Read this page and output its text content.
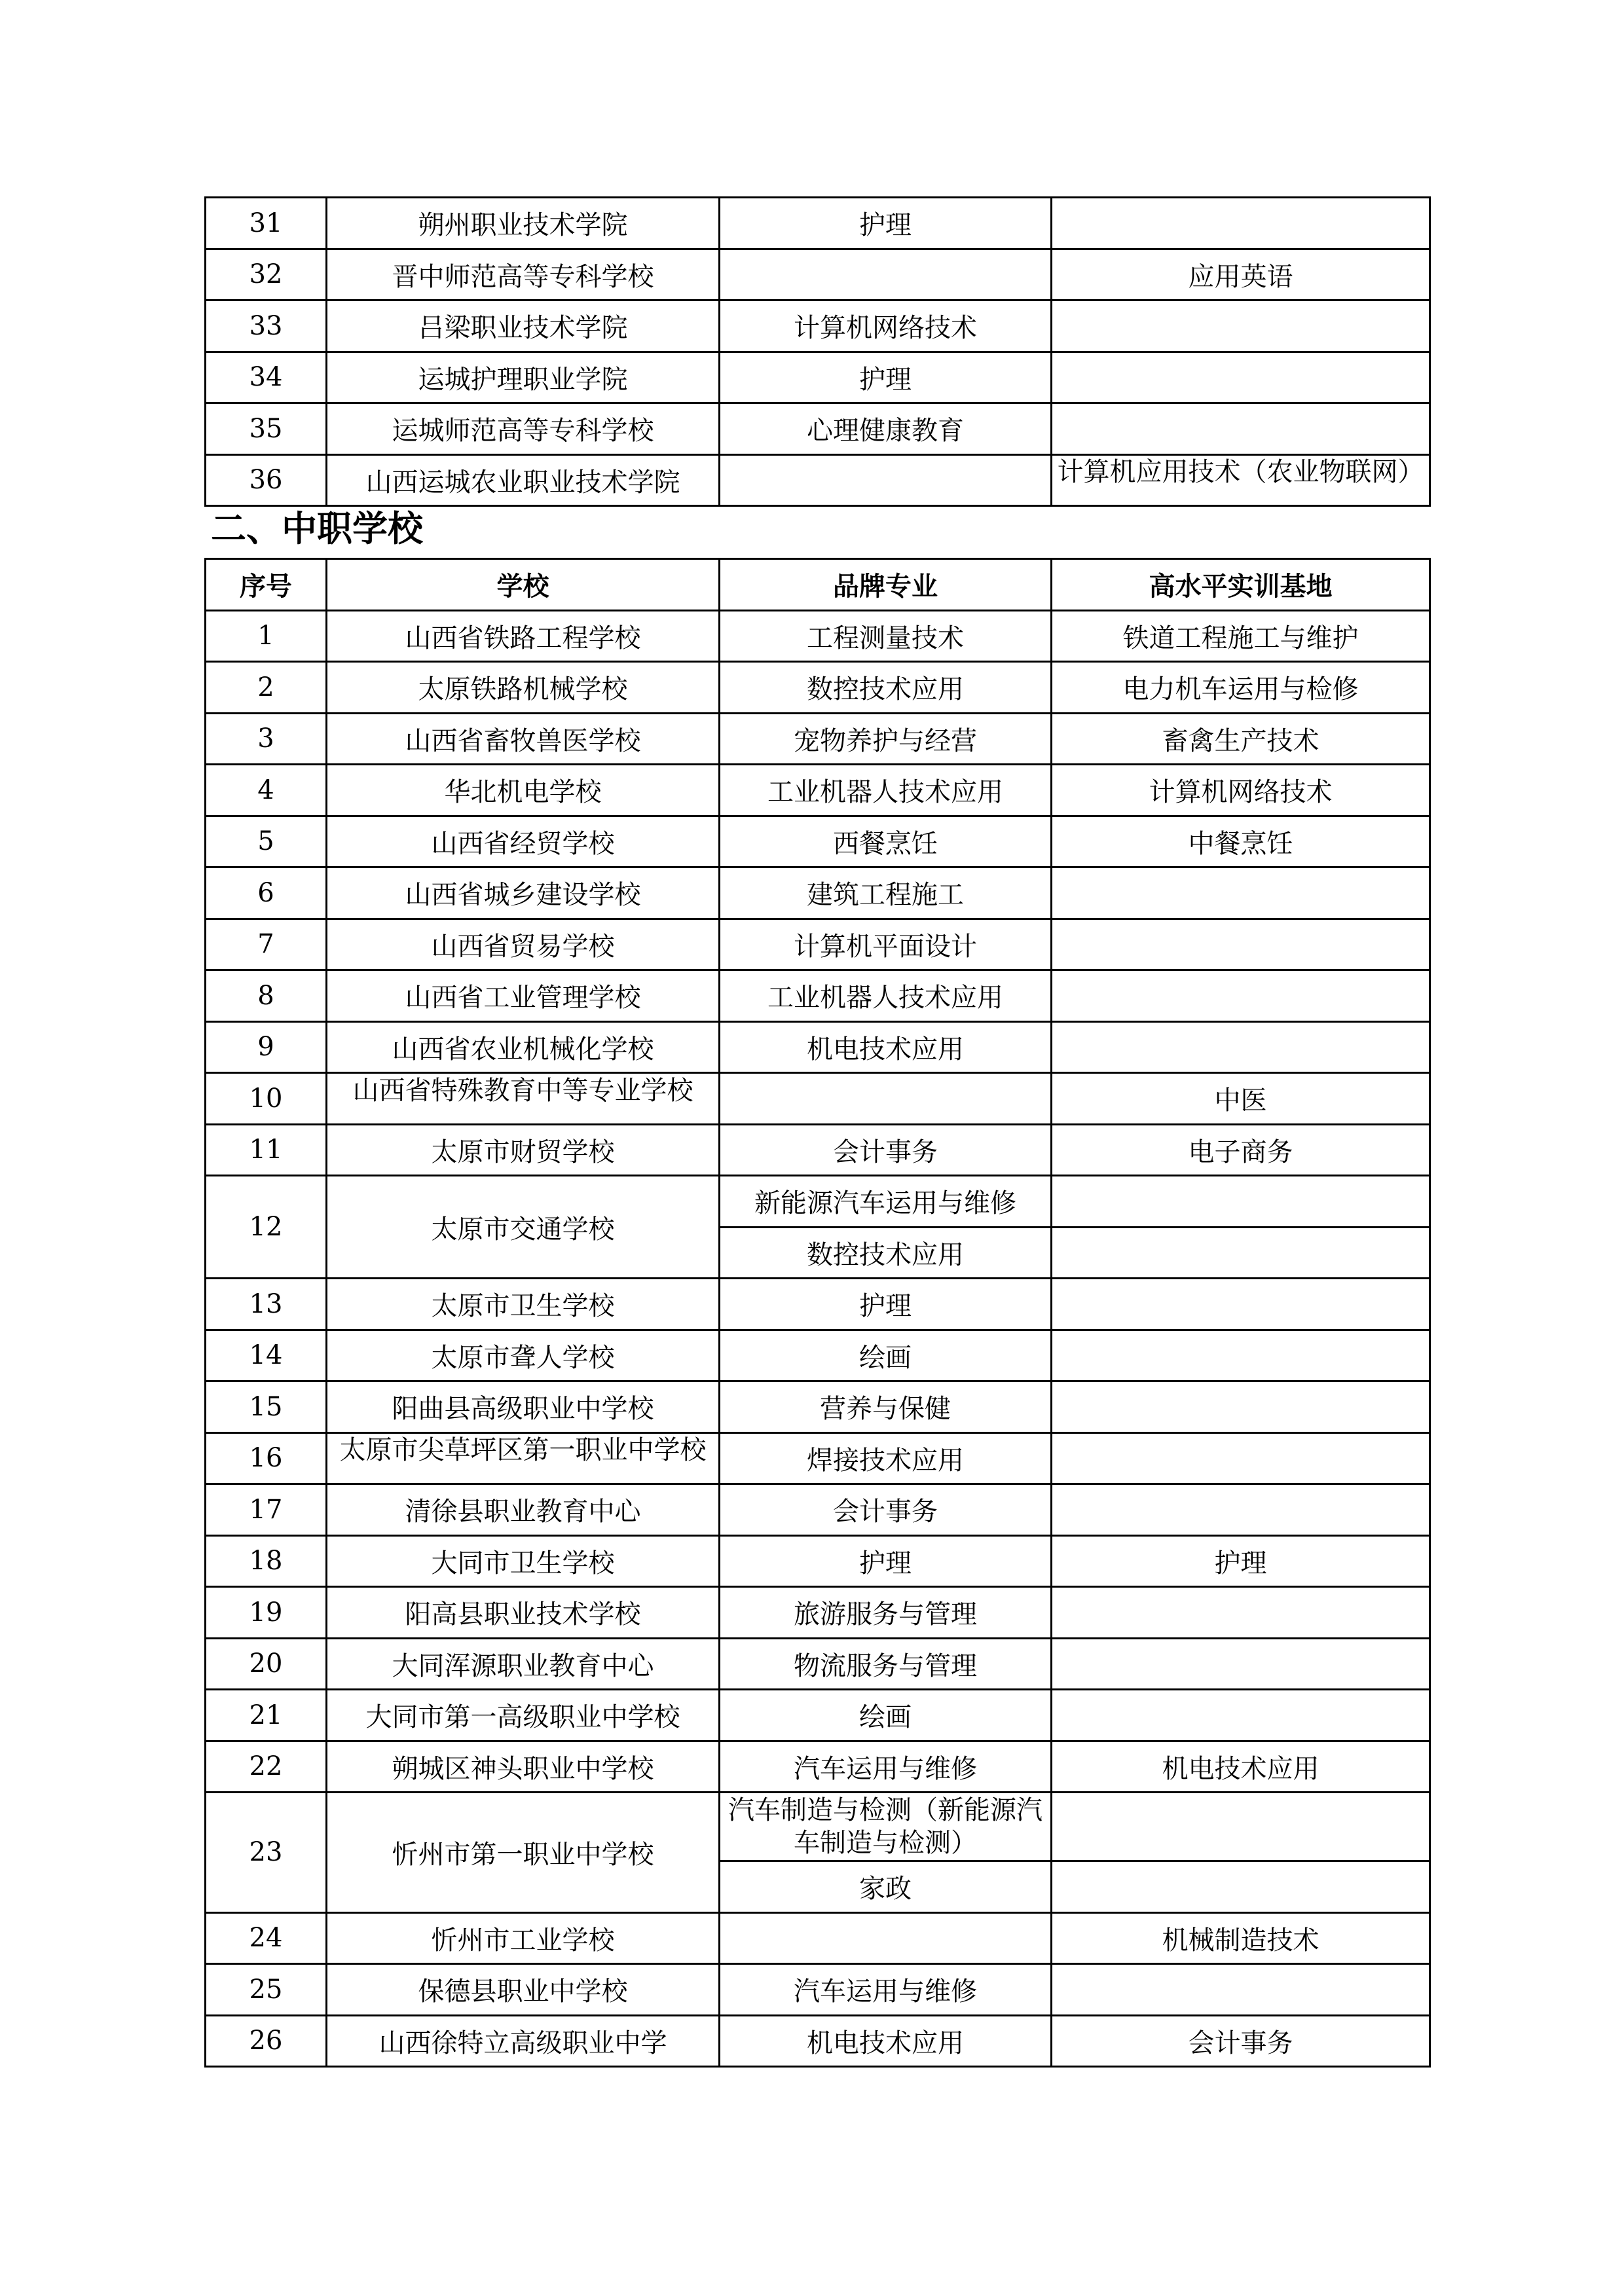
31	朔州职业技术学院	护理	
32	晋中师范高等专科学校		应用英语
33	吕梁职业技术学院	计算机网络技术	
34	运城护理职业学院	护理	
35	运城师范高等专科学校	心理健康教育	
36	山西运城农业职业技术学院		计算机应用技术（农业物联网）
二、中职学校
序号	学校	品牌专业	高水平实训基地
1	山西省铁路工程学校	工程测量技术	铁道工程施工与维护
2	太原铁路机械学校	数控技术应用	电力机车运用与检修
3	山西省畜牧兽医学校	宠物养护与经营	畜禽生产技术
4	华北机电学校	工业机器人技术应用	计算机网络技术
5	山西省经贸学校	西餐烹饪	中餐烹饪
6	山西省城乡建设学校	建筑工程施工	
7	山西省贸易学校	计算机平面设计	
8	山西省工业管理学校	工业机器人技术应用	
9	山西省农业机械化学校	机电技术应用	
10	山西省特殊教育中等专业学校		中医
11	太原市财贸学校	会计事务	电子商务
12	太原市交通学校	新能源汽车运用与维修	
		数控技术应用	
13	太原市卫生学校	护理	
14	太原市聋人学校	绘画	
15	阳曲县高级职业中学校	营养与保健	
16	太原市尖草坪区第一职业中学校	焊接技术应用	
17	清徐县职业教育中心	会计事务	
18	大同市卫生学校	护理	护理
19	阳高县职业技术学校	旅游服务与管理	
20	大同浑源职业教育中心	物流服务与管理	
21	大同市第一高级职业中学校	绘画	
22	朔城区神头职业中学校	汽车运用与维修	机电技术应用
23	忻州市第一职业中学校	汽车制造与检测（新能源汽车制造与检测）	

		家政	
24	忻州市工业学校		机械制造技术
25	保德县职业中学校	汽车运用与维修	
26	山西徐特立高级职业中学	机电技术应用	会计事务
